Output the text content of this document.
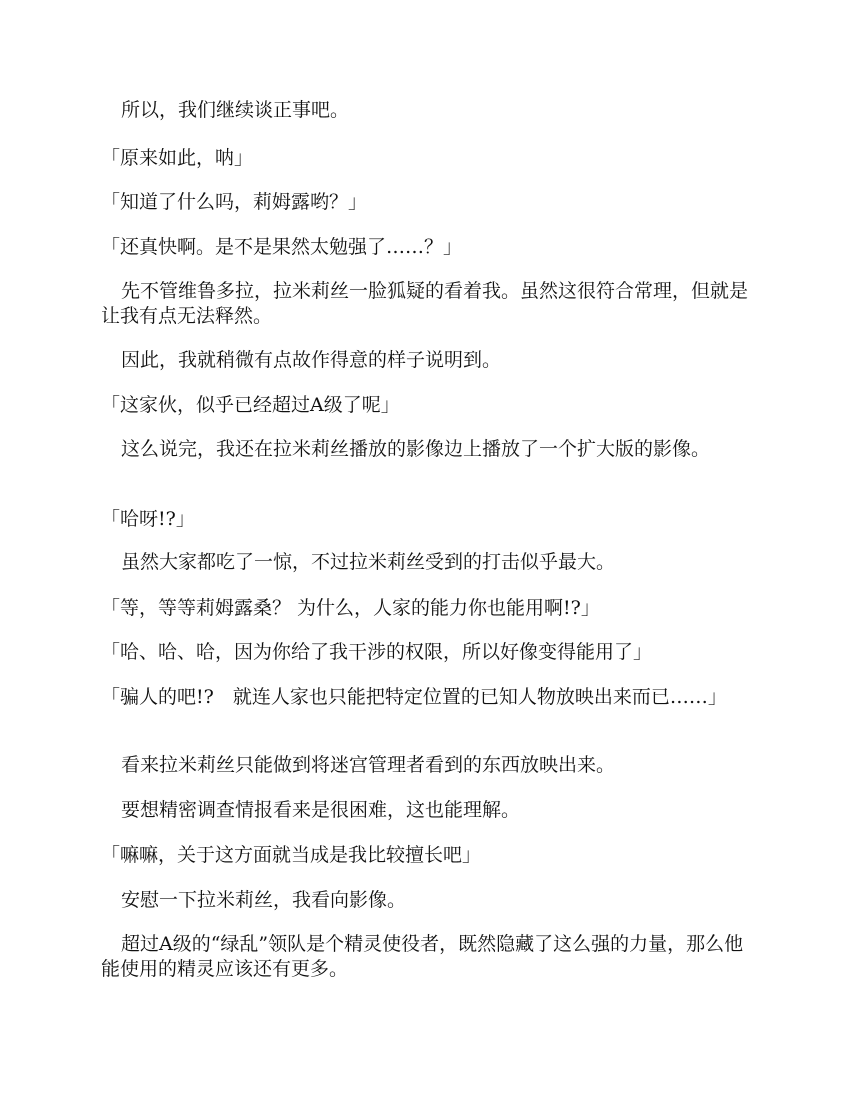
所以，我们继续谈正事吧。

「原来如此，呐」

「知道了什么吗，莉姆露哟？」

「还真快啊。是不是果然太勉强了……？」

先不管维鲁多拉，拉米莉丝一脸狐疑的看着我。虽然这很符合常理，但就是让我有点无法释然。

因此，我就稍微有点故作得意的样子说明到。

「这家伙，似乎已经超过A级了呢」

这么说完，我还在拉米莉丝播放的影像边上播放了一个扩大版的影像。

「哈呀!?」

虽然大家都吃了一惊，不过拉米莉丝受到的打击似乎最大。

「等，等等莉姆露桑？ 为什么，人家的能力你也能用啊!?」

「哈、哈、哈，因为你给了我干涉的权限，所以好像变得能用了」

「骗人的吧!?　就连人家也只能把特定位置的已知人物放映出来而已……」

看来拉米莉丝只能做到将迷宫管理者看到的东西放映出来。

要想精密调查情报看来是很困难，这也能理解。

「嘛嘛，关于这方面就当成是我比较擅长吧」

安慰一下拉米莉丝，我看向影像。

超过A级的“绿乱”领队是个精灵使役者，既然隐藏了这么强的力量，那么他能使用的精灵应该还有更多。
